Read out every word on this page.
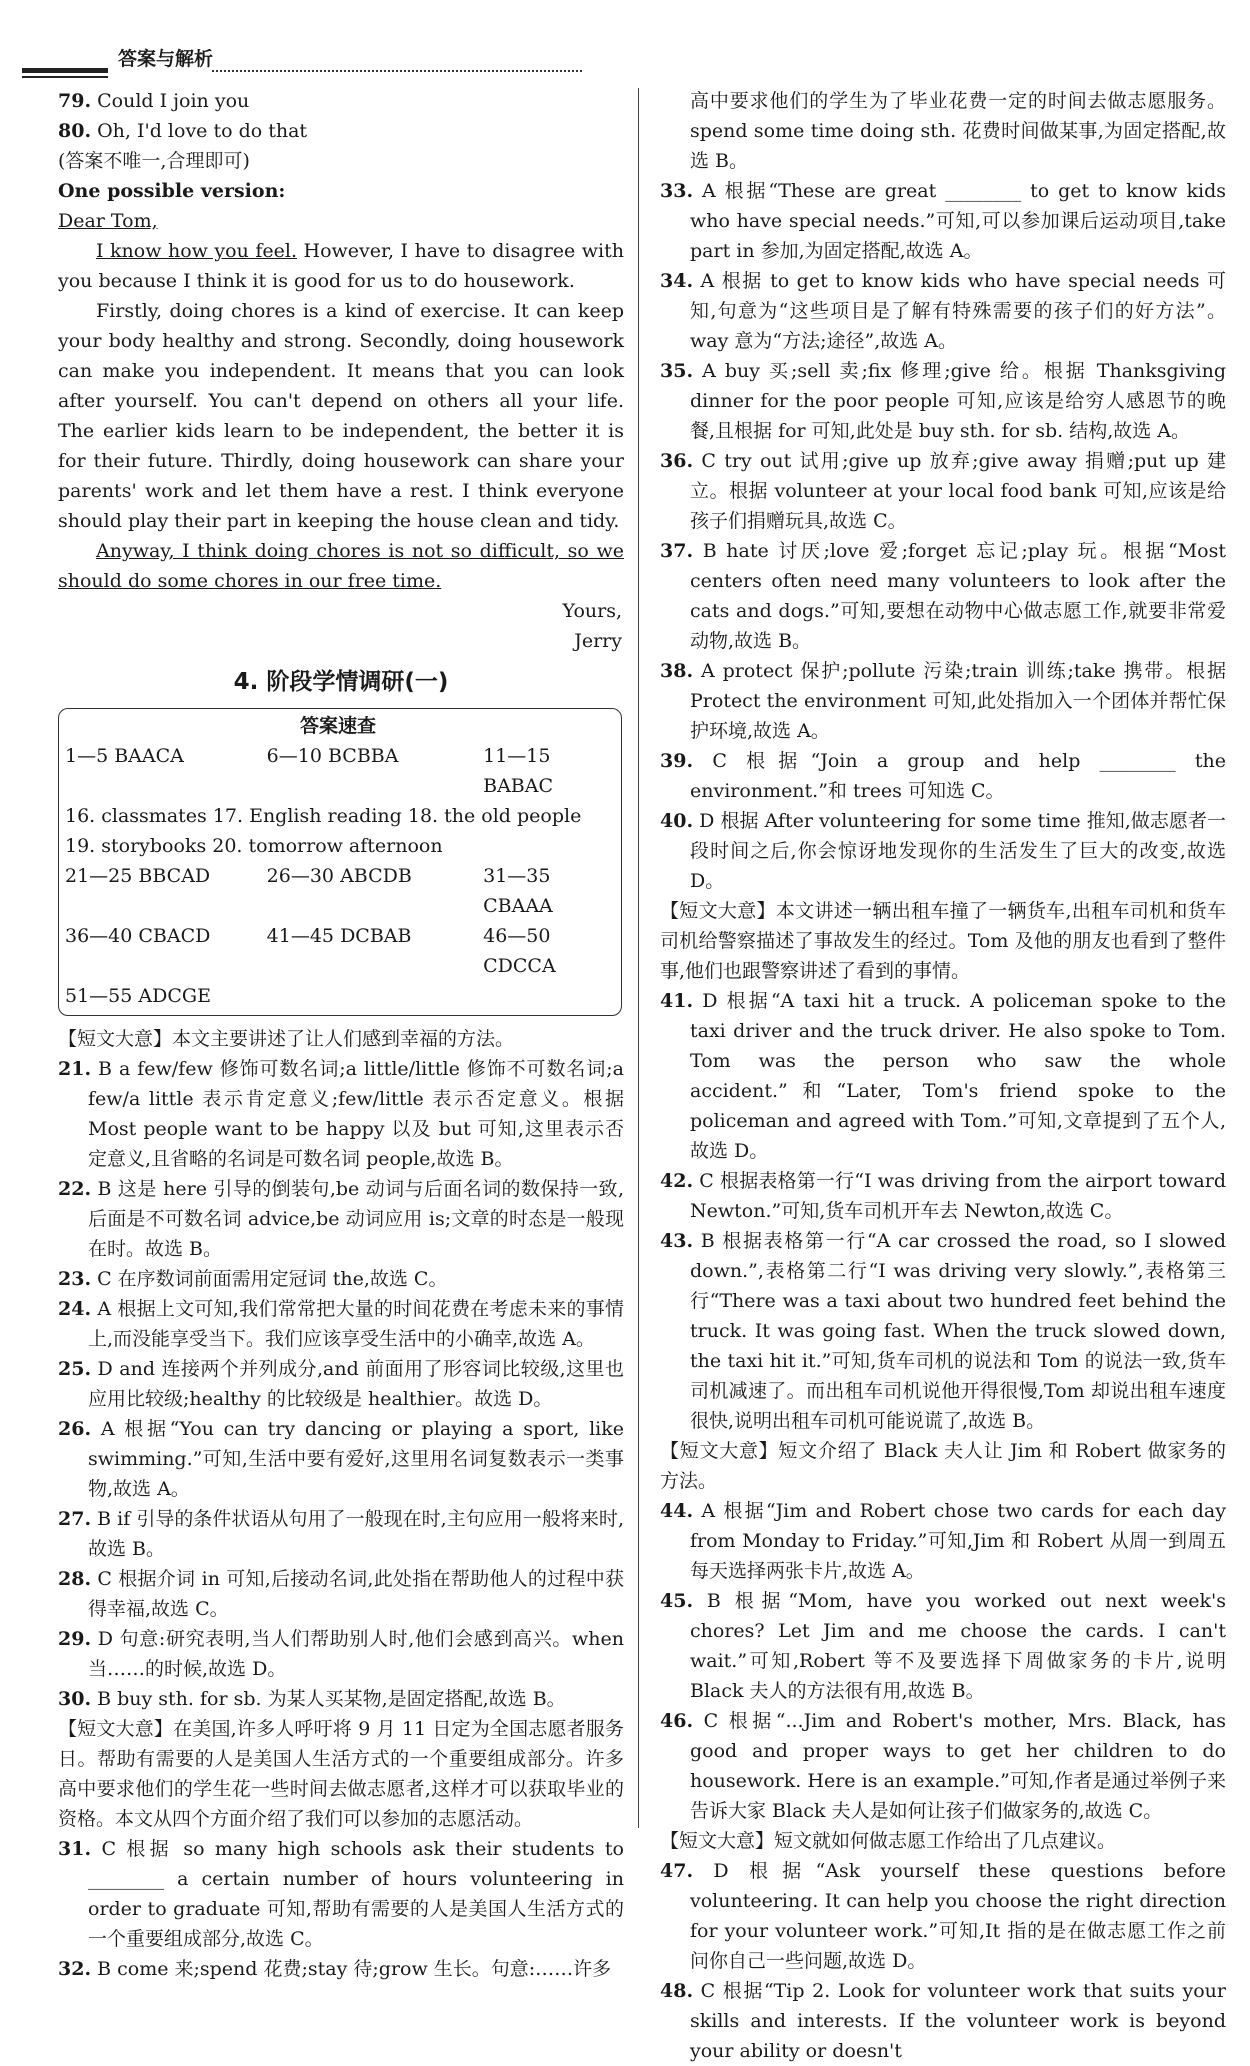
答案与解析

79. Could I join you

80. Oh, I'd love to do that

(答案不唯一,合理即可)

One possible version:

Dear Tom,

I know how you feel. However, I have to disagree with you because I think it is good for us to do housework.

Firstly, doing chores is a kind of exercise. It can keep your body healthy and strong. Secondly, doing housework can make you independent. It means that you can look after yourself. You can't depend on others all your life. The earlier kids learn to be independent, the better it is for their future. Thirdly, doing housework can share your parents' work and let them have a rest. I think everyone should play their part in keeping the house clean and tidy.

Anyway, I think doing chores is not so difficult, so we should do some chores in our free time.

Yours,

Jerry

4. 阶段学情调研(一)

答案速查

1—5 BAACA	6—10 BCBBA	11—15 BABAC
16. classmates 17. English reading 18. the old people
19. storybooks 20. tomorrow afternoon
21—25 BBCAD	26—30 ABCDB	31—35 CBAAA
36—40 CBACD	41—45 DCBAB	46—50 CDCCA
51—55 ADCGE

【短文大意】本文主要讲述了让人们感到幸福的方法。

21. B a few/few 修饰可数名词;a little/little 修饰不可数名词;a few/a little 表示肯定意义;few/little 表示否定意义。根据 Most people want to be happy 以及 but 可知,这里表示否定意义,且省略的名词是可数名词 people,故选 B。

22. B 这是 here 引导的倒装句,be 动词与后面名词的数保持一致,后面是不可数名词 advice,be 动词应用 is;文章的时态是一般现在时。故选 B。

23. C 在序数词前面需用定冠词 the,故选 C。

24. A 根据上文可知,我们常常把大量的时间花费在考虑未来的事情上,而没能享受当下。我们应该享受生活中的小确幸,故选 A。

25. D and 连接两个并列成分,and 前面用了形容词比较级,这里也应用比较级;healthy 的比较级是 healthier。故选 D。

26. A 根据“You can try dancing or playing a sport, like swimming.”可知,生活中要有爱好,这里用名词复数表示一类事物,故选 A。

27. B if 引导的条件状语从句用了一般现在时,主句应用一般将来时,故选 B。

28. C 根据介词 in 可知,后接动名词,此处指在帮助他人的过程中获得幸福,故选 C。

29. D 句意:研究表明,当人们帮助别人时,他们会感到高兴。when 当……的时候,故选 D。

30. B buy sth. for sb. 为某人买某物,是固定搭配,故选 B。

【短文大意】在美国,许多人呼吁将 9 月 11 日定为全国志愿者服务日。帮助有需要的人是美国人生活方式的一个重要组成部分。许多高中要求他们的学生花一些时间去做志愿者,这样才可以获取毕业的资格。本文从四个方面介绍了我们可以参加的志愿活动。

31. C 根据 so many high schools ask their students to ________ a certain number of hours volunteering in order to graduate 可知,帮助有需要的人是美国人生活方式的一个重要组成部分,故选 C。

32. B come 来;spend 花费;stay 待;grow 生长。句意:……许多

高中要求他们的学生为了毕业花费一定的时间去做志愿服务。spend some time doing sth. 花费时间做某事,为固定搭配,故选 B。

33. A 根据“These are great ________ to get to know kids who have special needs.”可知,可以参加课后运动项目,take part in 参加,为固定搭配,故选 A。

34. A 根据 to get to know kids who have special needs 可知,句意为“这些项目是了解有特殊需要的孩子们的好方法”。way 意为“方法;途径”,故选 A。

35. A buy 买;sell 卖;fix 修理;give 给。根据 Thanksgiving dinner for the poor people 可知,应该是给穷人感恩节的晚餐,且根据 for 可知,此处是 buy sth. for sb. 结构,故选 A。

36. C try out 试用;give up 放弃;give away 捐赠;put up 建立。根据 volunteer at your local food bank 可知,应该是给孩子们捐赠玩具,故选 C。

37. B hate 讨厌;love 爱;forget 忘记;play 玩。根据“Most centers often need many volunteers to look after the cats and dogs.”可知,要想在动物中心做志愿工作,就要非常爱动物,故选 B。

38. A protect 保护;pollute 污染;train 训练;take 携带。根据 Protect the environment 可知,此处指加入一个团体并帮忙保护环境,故选 A。

39. C 根据“Join a group and help ________ the environment.”和 trees 可知选 C。

40. D 根据 After volunteering for some time 推知,做志愿者一段时间之后,你会惊讶地发现你的生活发生了巨大的改变,故选 D。

【短文大意】本文讲述一辆出租车撞了一辆货车,出租车司机和货车司机给警察描述了事故发生的经过。Tom 及他的朋友也看到了整件事,他们也跟警察讲述了看到的事情。

41. D 根据“A taxi hit a truck. A policeman spoke to the taxi driver and the truck driver. He also spoke to Tom. Tom was the person who saw the whole accident.”和“Later, Tom's friend spoke to the policeman and agreed with Tom.”可知,文章提到了五个人,故选 D。

42. C 根据表格第一行“I was driving from the airport toward Newton.”可知,货车司机开车去 Newton,故选 C。

43. B 根据表格第一行“A car crossed the road, so I slowed down.”,表格第二行“I was driving very slowly.”,表格第三行“There was a taxi about two hundred feet behind the truck. It was going fast. When the truck slowed down, the taxi hit it.”可知,货车司机的说法和 Tom 的说法一致,货车司机减速了。而出租车司机说他开得很慢,Tom 却说出租车速度很快,说明出租车司机可能说谎了,故选 B。

【短文大意】短文介绍了 Black 夫人让 Jim 和 Robert 做家务的方法。

44. A 根据“Jim and Robert chose two cards for each day from Monday to Friday.”可知,Jim 和 Robert 从周一到周五每天选择两张卡片,故选 A。

45. B 根据“Mom, have you worked out next week's chores? Let Jim and me choose the cards. I can't wait.”可知,Robert 等不及要选择下周做家务的卡片,说明 Black 夫人的方法很有用,故选 B。

46. C 根据“...Jim and Robert's mother, Mrs. Black, has good and proper ways to get her children to do housework. Here is an example.”可知,作者是通过举例子来告诉大家 Black 夫人是如何让孩子们做家务的,故选 C。

【短文大意】短文就如何做志愿工作给出了几点建议。

47. D 根据“Ask yourself these questions before volunteering. It can help you choose the right direction for your volunteer work.”可知,It 指的是在做志愿工作之前问你自己一些问题,故选 D。

48. C 根据“Tip 2. Look for volunteer work that suits your skills and interests. If the volunteer work is beyond your ability or doesn't
